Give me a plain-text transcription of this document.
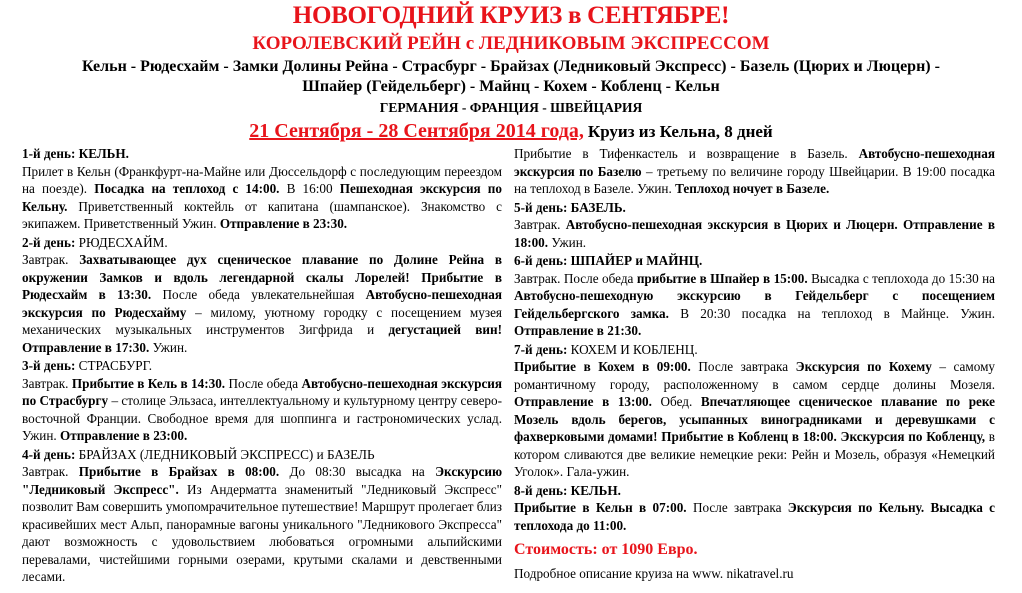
НОВОГОДНИЙ КРУИЗ в СЕНТЯБРЕ!
КОРОЛЕВСКИЙ РЕЙН с ЛЕДНИКОВЫМ ЭКСПРЕССОМ
Кельн - Рюдесхайм - Замки Долины Рейна - Страсбург - Брайзах (Ледниковый Экспресс) - Базель (Цюрих и Люцерн) -
Шпайер (Гейдельберг) - Майнц - Кохем - Кобленц - Кельн
ГЕРМАНИЯ - ФРАНЦИЯ - ШВЕЙЦАРИЯ
21 Сентября - 28 Сентября 2014 года, Круиз из Кельна, 8 дней
1-й день: КЕЛЬН.
Прилет в Кельн (Франкфурт-на-Майне или Дюссельдорф с последующим переездом на поезде). Посадка на теплоход с 14:00. В 16:00 Пешеходная экскурсия по Кельну. Приветственный коктейль от капитана (шампанское). Знакомство с экипажем. Приветственный Ужин. Отправление в 23:30.
2-й день: РЮДЕСХАЙМ.
Завтрак. Захватывающее дух сценическое плавание по Долине Рейна в окружении Замков и вдоль легендарной скалы Лорелей! Прибытие в Рюдесхайм в 13:30. После обеда увлекательнейшая Автобусно-пешеходная экскурсия по Рюдесхайму – милому, уютному городку с посещением музея механических музыкальных инструментов Зигфрида и дегустацией вин! Отправление в 17:30. Ужин.
3-й день: СТРАСБУРГ.
Завтрак. Прибытие в Кель в 14:30. После обеда Автобусно-пешеходная экскурсия по Страсбургу – столице Эльзаса, интеллектуальному и культурному центру северо-восточной Франции. Свободное время для шоппинга и гастрономических услад. Ужин. Отправление в 23:00.
4-й день: БРАЙЗАХ (ЛЕДНИКОВЫЙ ЭКСПРЕСС) и БАЗЕЛЬ
Завтрак. Прибытие в Брайзах в 08:00. До 08:30 высадка на Экскурсию "Ледниковый Экспресс". Из Андерматта знаменитый "Ледниковый Экспресс" позволит Вам совершить умопомрачительное путешествие! Маршрут пролегает близ красивейших мест Альп, панорамные вагоны уникального "Ледникового Экспресса" дают возможность с удовольствием любоваться огромными альпийскими перевалами, чистейшими горными озерами, крутыми скалами и девственными лесами.
Прибытие в Тифенкастель и возвращение в Базель. Автобусно-пешеходная экскурсия по Базелю – третьему по величине городу Швейцарии. В 19:00 посадка на теплоход в Базеле. Ужин. Теплоход ночует в Базеле.
5-й день: БАЗЕЛЬ.
Завтрак. Автобусно-пешеходная экскурсия в Цюрих и Люцерн. Отправление в 18:00. Ужин.
6-й день: ШПАЙЕР и МАЙНЦ.
Завтрак. После обеда прибытие в Шпайер в 15:00. Высадка с теплохода до 15:30 на Автобусно-пешеходную экскурсию в Гейдельберг с посещением Гейдельбергского замка. В 20:30 посадка на теплоход в Майнце. Ужин. Отправление в 21:30.
7-й день: КОХЕМ И КОБЛЕНЦ.
Прибытие в Кохем в 09:00. После завтрака Экскурсия по Кохему – самому романтичному городу, расположенному в самом сердце долины Мозеля. Отправление в 13:00. Обед. Впечатляющее сценическое плавание по реке Мозель вдоль берегов, усыпанных виноградниками и деревушками с фахверковыми домами! Прибытие в Кобленц в 18:00. Экскурсия по Кобленцу, в котором сливаются две великие немецкие реки: Рейн и Мозель, образуя «Немецкий Уголок». Гала-ужин.
8-й день: КЕЛЬН.
Прибытие в Кельн в 07:00. После завтрака Экскурсия по Кельну. Высадка с теплохода до 11:00.
Стоимость: от 1090 Евро.
Подробное описание круиза на www. nikatravel.ru
